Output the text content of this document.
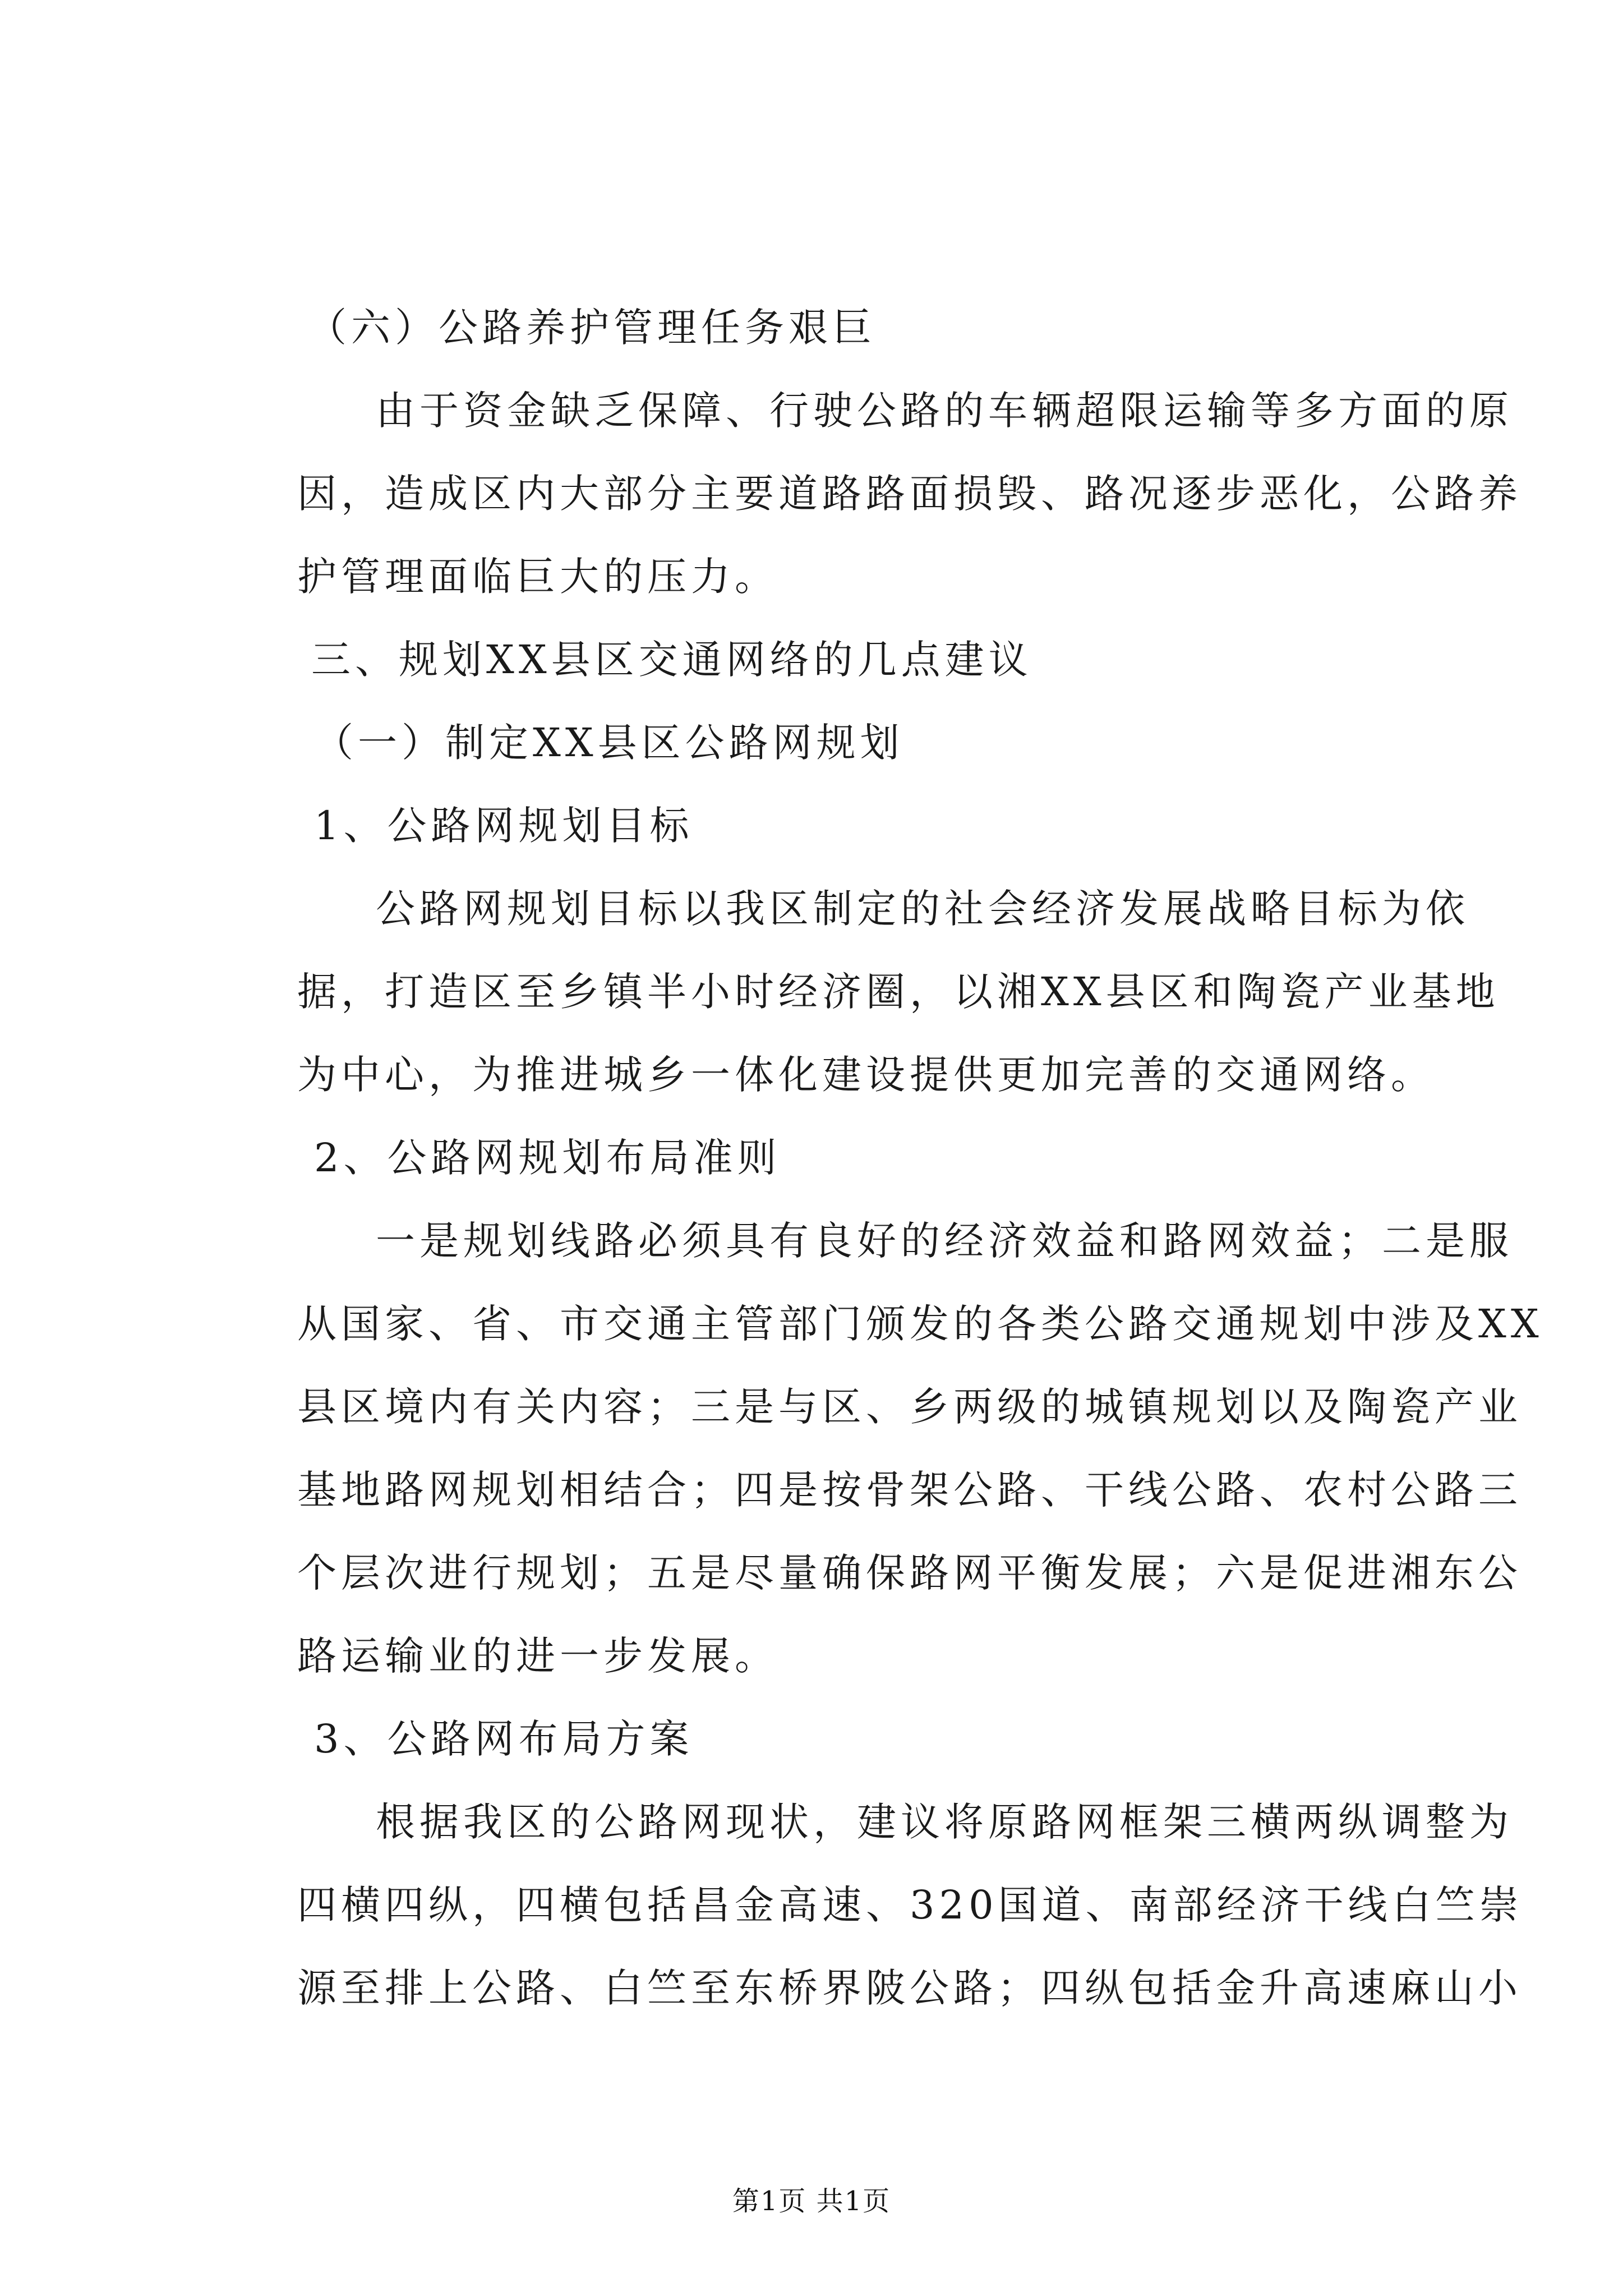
（六）公路养护管理任务艰巨
由于资金缺乏保障、行驶公路的车辆超限运输等多方面的原
因，造成区内大部分主要道路路面损毁、路况逐步恶化，公路养
护管理面临巨大的压力。
三、规划XX县区交通网络的几点建议
（一）制定XX县区公路网规划
1、公路网规划目标
公路网规划目标以我区制定的社会经济发展战略目标为依
据，打造区至乡镇半小时经济圈，以湘XX县区和陶瓷产业基地
为中心，为推进城乡一体化建设提供更加完善的交通网络。
2、公路网规划布局准则
一是规划线路必须具有良好的经济效益和路网效益；二是服
从国家、省、市交通主管部门颁发的各类公路交通规划中涉及XX
县区境内有关内容；三是与区、乡两级的城镇规划以及陶瓷产业
基地路网规划相结合；四是按骨架公路、干线公路、农村公路三
个层次进行规划；五是尽量确保路网平衡发展；六是促进湘东公
路运输业的进一步发展。
3、公路网布局方案
根据我区的公路网现状，建议将原路网框架三横两纵调整为
四横四纵，四横包括昌金高速、320国道、南部经济干线白竺崇
源至排上公路、白竺至东桥界陂公路；四纵包括金升高速麻山小
第1页 共1页
